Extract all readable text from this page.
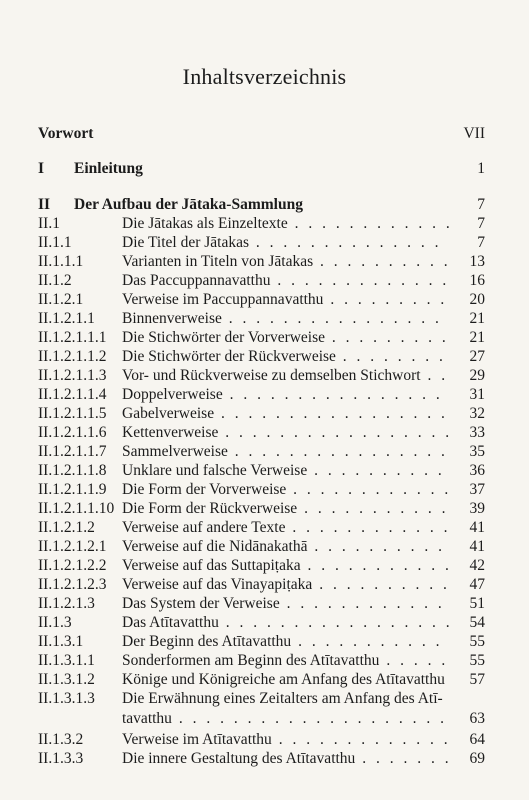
Inhaltsverzeichnis
Vorwort	VII
I Einleitung	1
II Der Aufbau der Jātaka-Sammlung	7
II.1	Die Jātakas als Einzeltexte . . .	7
II.1.1	Die Titel der Jātakas . . .	7
II.1.1.1	Varianten in Titeln von Jātakas . . .	13
II.1.2	Das Paccuppannavatthu . . .	16
II.1.2.1	Verweise im Paccuppannavatthu . . .	20
II.1.2.1.1 Binnenverweise . . .	21
II.1.2.1.1.1 Die Stichwörter der Vorverweise . . .	21
II.1.2.1.1.2 Die Stichwörter der Rückverweise . . .	27
II.1.2.1.1.3 Vor- und Rückverweise zu demselben Stichwort . . .	29
II.1.2.1.1.4 Doppelverweise . . .	31
II.1.2.1.1.5 Gabelverweise . . .	32
II.1.2.1.1.6 Kettenverweise . . .	33
II.1.2.1.1.7 Sammelverweise . . .	35
II.1.2.1.1.8 Unklare und falsche Verweise . . .	36
II.1.2.1.1.9 Die Form der Vorverweise . . .	37
II.1.2.1.1.10 Die Form der Rückverweise . . .	39
II.1.2.1.2 Verweise auf andere Texte . . .	41
II.1.2.1.2.1 Verweise auf die Nidānakathā . . .	41
II.1.2.1.2.2 Verweise auf das Suttapiṭaka . . .	42
II.1.2.1.2.3 Verweise auf das Vinayapiṭaka . . .	47
II.1.2.1.3 Das System der Verweise . . .	51
II.1.3	Das Atītavatthu . . .	54
II.1.3.1	Der Beginn des Atītavatthu . . .	55
II.1.3.1.1 Sonderformen am Beginn des Atītavatthu . . .	55
II.1.3.1.2 Könige und Königreiche am Anfang des Atītavatthu 57
II.1.3.1.3 Die Erwähnung eines Zeitalters am Anfang des Atī-
tavatthu . . .	63
II.1.3.2	Verweise im Atītavatthu . . .	64
II.1.3.3	Die innere Gestaltung des Atītavatthu . . .	69
